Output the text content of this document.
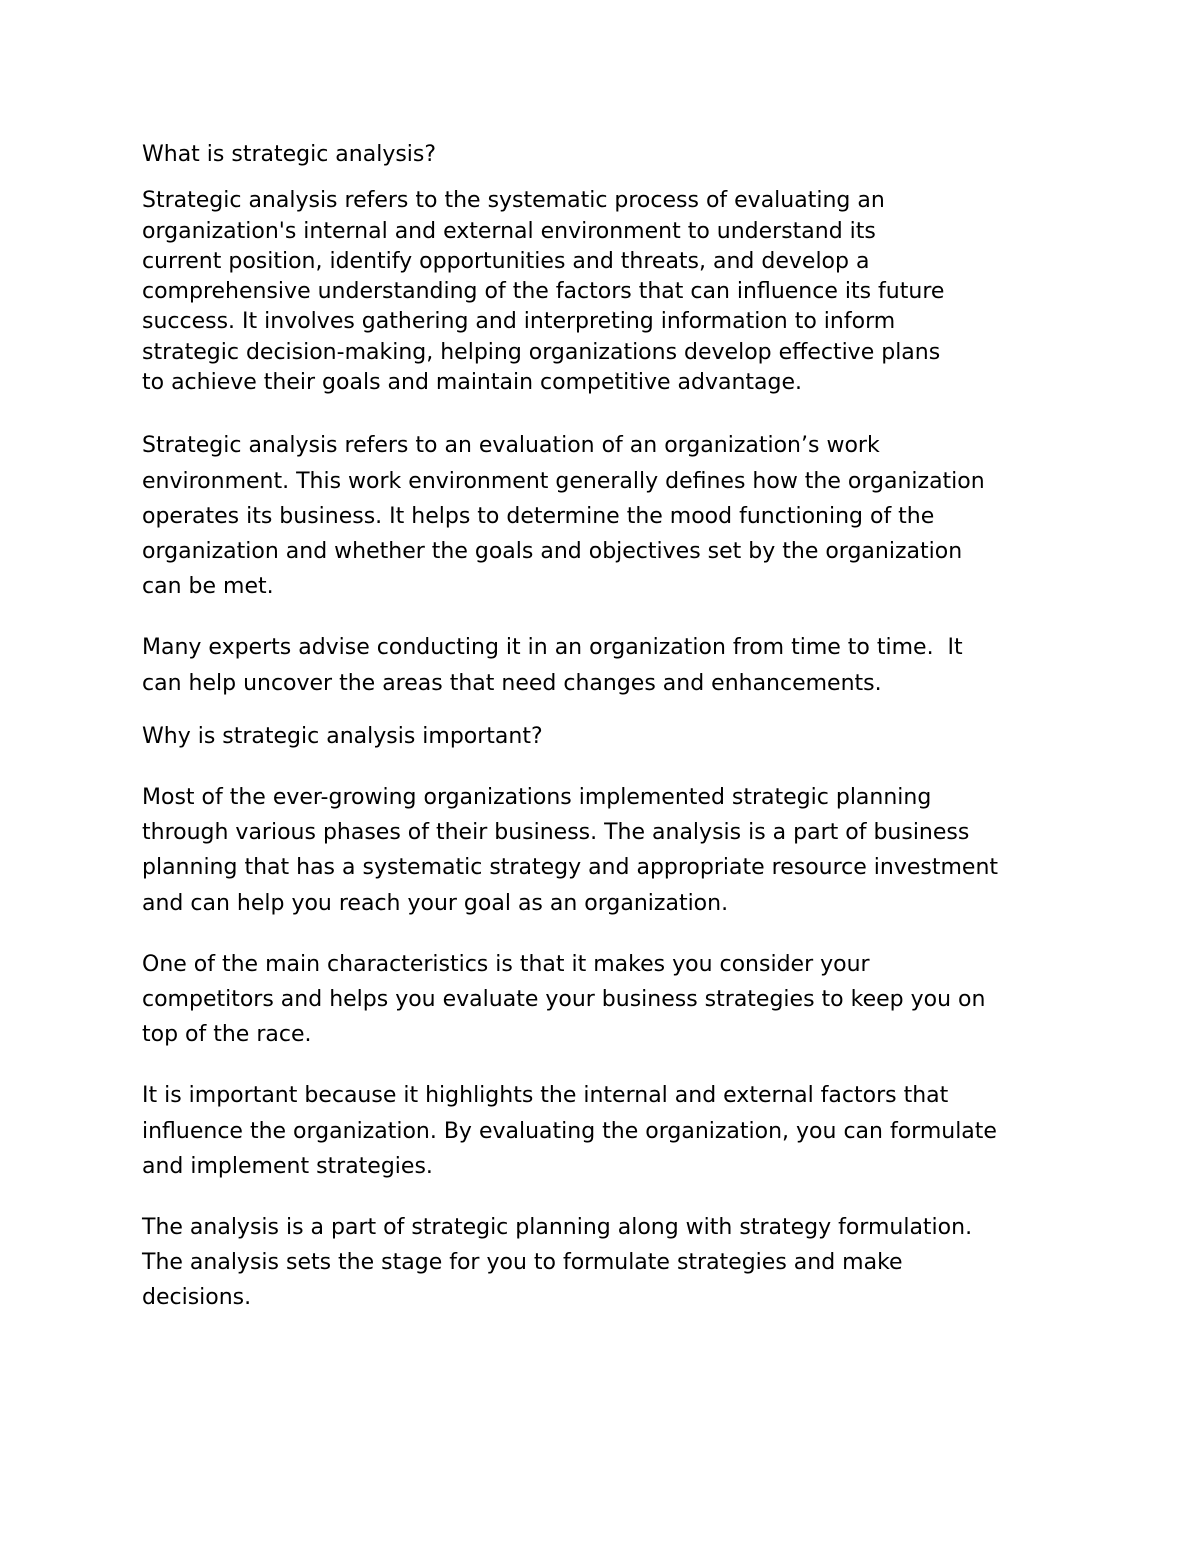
What is strategic analysis?

Strategic analysis refers to the systematic process of evaluating an
organization's internal and external environment to understand its
current position, identify opportunities and threats, and develop a
comprehensive understanding of the factors that can influence its future
success. It involves gathering and interpreting information to inform
strategic decision-making, helping organizations develop effective plans
to achieve their goals and maintain competitive advantage.

Strategic analysis refers to an evaluation of an organization’s work
environment. This work environment generally defines how the organization
operates its business. It helps to determine the mood functioning of the
organization and whether the goals and objectives set by the organization
can be met.

Many experts advise conducting it in an organization from time to time.  It
can help uncover the areas that need changes and enhancements.

Why is strategic analysis important?

Most of the ever-growing organizations implemented strategic planning
through various phases of their business. The analysis is a part of business
planning that has a systematic strategy and appropriate resource investment
and can help you reach your goal as an organization.

One of the main characteristics is that it makes you consider your
competitors and helps you evaluate your business strategies to keep you on
top of the race.

It is important because it highlights the internal and external factors that
influence the organization. By evaluating the organization, you can formulate
and implement strategies.

The analysis is a part of strategic planning along with strategy formulation.
The analysis sets the stage for you to formulate strategies and make
decisions.
